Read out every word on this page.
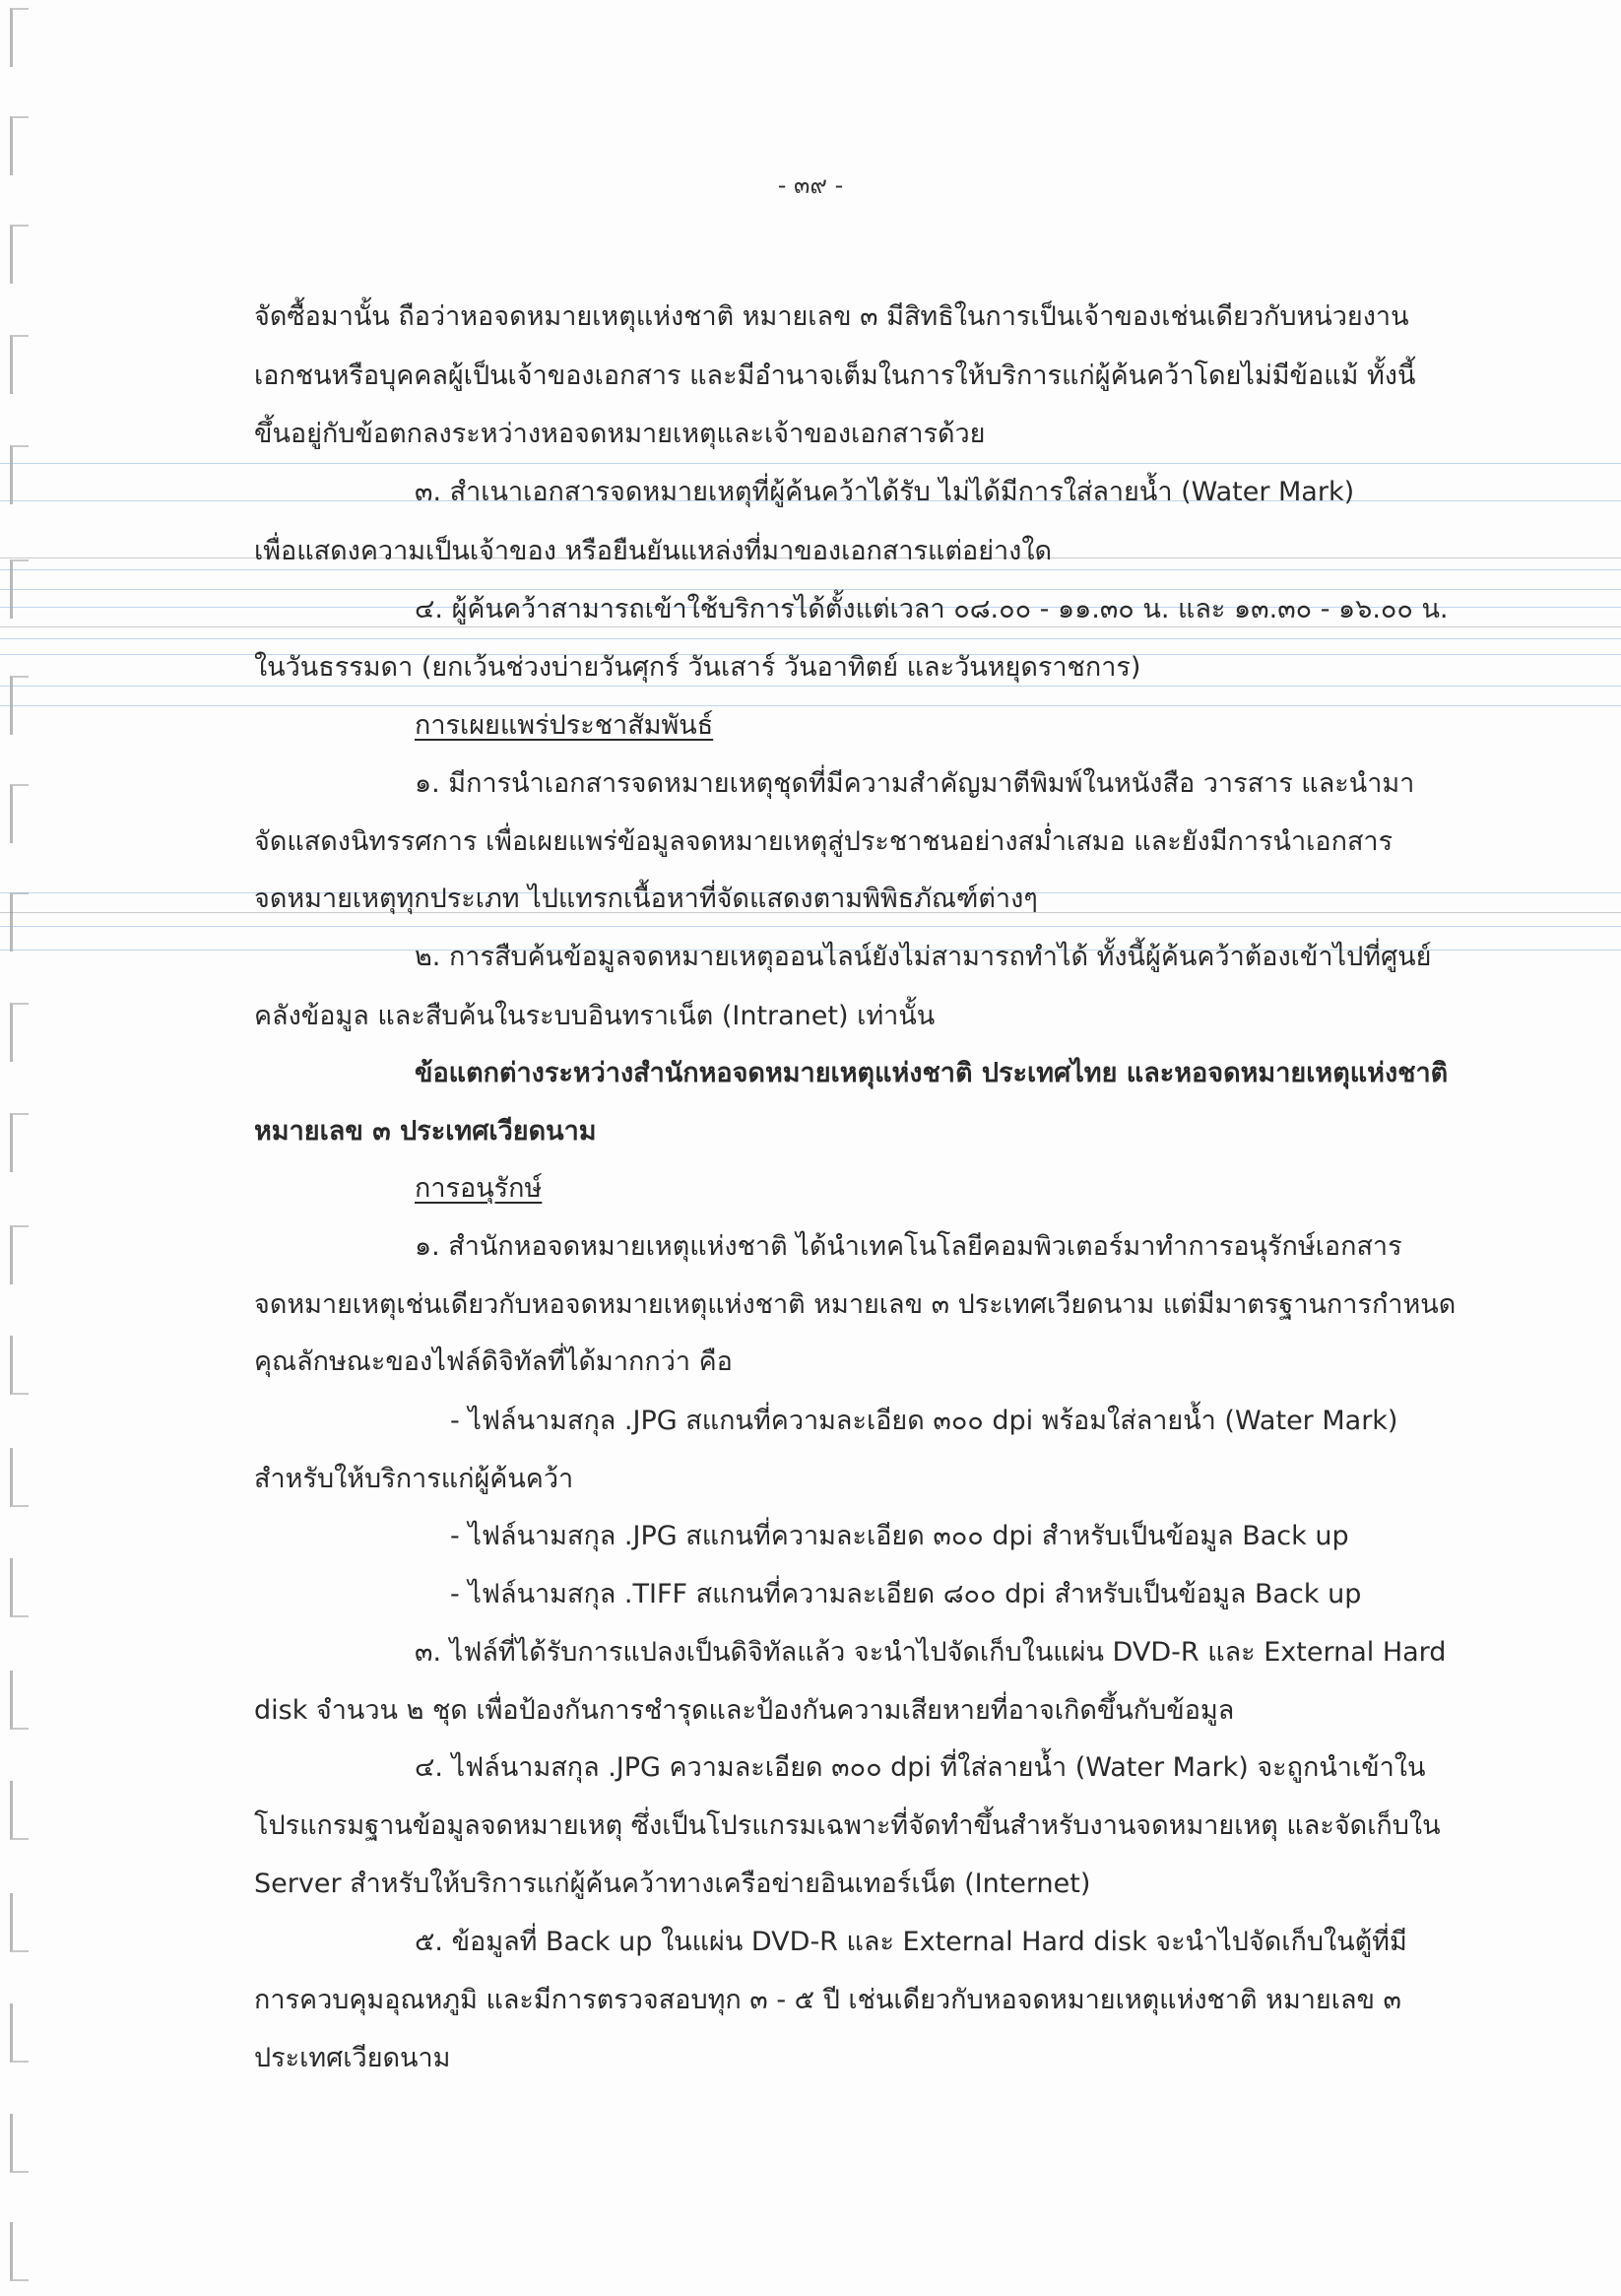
- ๓๙ -
จัดซื้อมานั้น ถือว่าหอจดหมายเหตุแห่งชาติ หมายเลข ๓ มีสิทธิในการเป็นเจ้าของเช่นเดียวกับหน่วยงาน
เอกชนหรือบุคคลผู้เป็นเจ้าของเอกสาร และมีอำนาจเต็มในการให้บริการแก่ผู้ค้นคว้าโดยไม่มีข้อแม้ ทั้งนี้
ขึ้นอยู่กับข้อตกลงระหว่างหอจดหมายเหตุและเจ้าของเอกสารด้วย
๓. สำเนาเอกสารจดหมายเหตุที่ผู้ค้นคว้าได้รับ ไม่ได้มีการใส่ลายน้ำ (Water Mark)
เพื่อแสดงความเป็นเจ้าของ หรือยืนยันแหล่งที่มาของเอกสารแต่อย่างใด
๔. ผู้ค้นคว้าสามารถเข้าใช้บริการได้ตั้งแต่เวลา ๐๘.๐๐ - ๑๑.๓๐ น. และ ๑๓.๓๐ - ๑๖.๐๐ น.
ในวันธรรมดา (ยกเว้นช่วงบ่ายวันศุกร์ วันเสาร์ วันอาทิตย์ และวันหยุดราชการ)
การเผยแพร่ประชาสัมพันธ์
๑. มีการนำเอกสารจดหมายเหตุชุดที่มีความสำคัญมาตีพิมพ์ในหนังสือ วารสาร และนำมา
จัดแสดงนิทรรศการ เพื่อเผยแพร่ข้อมูลจดหมายเหตุสู่ประชาชนอย่างสม่ำเสมอ และยังมีการนำเอกสาร
จดหมายเหตุทุกประเภท ไปแทรกเนื้อหาที่จัดแสดงตามพิพิธภัณฑ์ต่างๆ
๒. การสืบค้นข้อมูลจดหมายเหตุออนไลน์ยังไม่สามารถทำได้ ทั้งนี้ผู้ค้นคว้าต้องเข้าไปที่ศูนย์
คลังข้อมูล และสืบค้นในระบบอินทราเน็ต (Intranet) เท่านั้น
ข้อแตกต่างระหว่างสำนักหอจดหมายเหตุแห่งชาติ ประเทศไทย และหอจดหมายเหตุแห่งชาติ
หมายเลข ๓ ประเทศเวียดนาม
การอนุรักษ์
๑. สำนักหอจดหมายเหตุแห่งชาติ ได้นำเทคโนโลยีคอมพิวเตอร์มาทำการอนุรักษ์เอกสาร
จดหมายเหตุเช่นเดียวกับหอจดหมายเหตุแห่งชาติ หมายเลข ๓ ประเทศเวียดนาม แต่มีมาตรฐานการกำหนด
คุณลักษณะของไฟล์ดิจิทัลที่ได้มากกว่า คือ
- ไฟล์นามสกุล .JPG สแกนที่ความละเอียด ๓๐๐ dpi พร้อมใส่ลายน้ำ (Water Mark)
สำหรับให้บริการแก่ผู้ค้นคว้า
- ไฟล์นามสกุล .JPG สแกนที่ความละเอียด ๓๐๐ dpi สำหรับเป็นข้อมูล Back up
- ไฟล์นามสกุล .TIFF สแกนที่ความละเอียด ๘๐๐ dpi สำหรับเป็นข้อมูล Back up
๓. ไฟล์ที่ได้รับการแปลงเป็นดิจิทัลแล้ว จะนำไปจัดเก็บในแผ่น DVD-R และ External Hard
disk จำนวน ๒ ชุด เพื่อป้องกันการชำรุดและป้องกันความเสียหายที่อาจเกิดขึ้นกับข้อมูล
๔. ไฟล์นามสกุล .JPG ความละเอียด ๓๐๐ dpi ที่ใส่ลายน้ำ (Water Mark) จะถูกนำเข้าใน
โปรแกรมฐานข้อมูลจดหมายเหตุ ซึ่งเป็นโปรแกรมเฉพาะที่จัดทำขึ้นสำหรับงานจดหมายเหตุ และจัดเก็บใน
Server สำหรับให้บริการแก่ผู้ค้นคว้าทางเครือข่ายอินเทอร์เน็ต (Internet)
๕. ข้อมูลที่ Back up ในแผ่น DVD-R และ External Hard disk จะนำไปจัดเก็บในตู้ที่มี
การควบคุมอุณหภูมิ และมีการตรวจสอบทุก ๓ - ๕ ปี เช่นเดียวกับหอจดหมายเหตุแห่งชาติ หมายเลข ๓
ประเทศเวียดนาม
